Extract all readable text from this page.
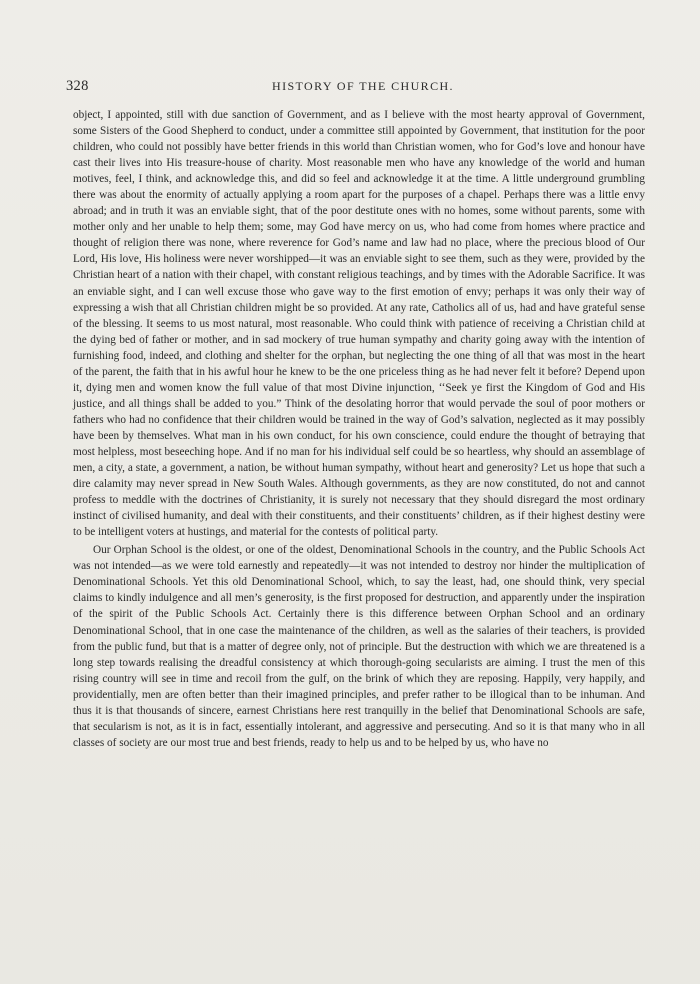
328	HISTORY OF THE CHURCH.

object, I appointed, still with due sanction of Government, and as I believe with the most hearty approval of Government, some Sisters of the Good Shepherd to conduct, under a committee still appointed by Government, that institution for the poor children, who could not possibly have better friends in this world than Christian women, who for God’s love and honour have cast their lives into His treasure-house of charity. Most reasonable men who have any knowledge of the world and human motives, feel, I think, and acknowledge this, and did so feel and acknowledge it at the time. A little underground grumbling there was about the enormity of actually applying a room apart for the purposes of a chapel. Perhaps there was a little envy abroad; and in truth it was an enviable sight, that of the poor destitute ones with no homes, some without parents, some with mother only and her unable to help them; some, may God have mercy on us, who had come from homes where practice and thought of religion there was none, where reverence for God’s name and law had no place, where the precious blood of Our Lord, His love, His holiness were never worshipped—it was an enviable sight to see them, such as they were, provided by the Christian heart of a nation with their chapel, with constant religious teachings, and by times with the Adorable Sacrifice. It was an enviable sight, and I can well excuse those who gave way to the first emotion of envy; perhaps it was only their way of expressing a wish that all Christian children might be so provided. At any rate, Catholics all of us, had and have grateful sense of the blessing. It seems to us most natural, most reasonable. Who could think with patience of receiving a Christian child at the dying bed of father or mother, and in sad mockery of true human sympathy and charity going away with the intention of furnishing food, indeed, and clothing and shelter for the orphan, but neglecting the one thing of all that was most in the heart of the parent, the faith that in his awful hour he knew to be the one priceless thing as he had never felt it before? Depend upon it, dying men and women know the full value of that most Divine injunction, ‘‘Seek ye first the Kingdom of God and His justice, and all things shall be added to you.” Think of the desolating horror that would pervade the soul of poor mothers or fathers who had no confidence that their children would be trained in the way of God’s salvation, neglected as it may possibly have been by themselves. What man in his own conduct, for his own conscience, could endure the thought of betraying that most helpless, most beseeching hope. And if no man for his individual self could be so heartless, why should an assemblage of men, a city, a state, a government, a nation, be without human sympathy, without heart and generosity? Let us hope that such a dire calamity may never spread in New South Wales. Although governments, as they are now constituted, do not and cannot profess to meddle with the doctrines of Christianity, it is surely not necessary that they should disregard the most ordinary instinct of civilised humanity, and deal with their constituents, and their constituents’ children, as if their highest destiny were to be intelligent voters at hustings, and material for the contests of political party.

Our Orphan School is the oldest, or one of the oldest, Denominational Schools in the country, and the Public Schools Act was not intended—as we were told earnestly and repeatedly—it was not intended to destroy nor hinder the multiplication of Denominational Schools. Yet this old Denominational School, which, to say the least, had, one should think, very special claims to kindly indulgence and all men’s generosity, is the first proposed for destruction, and apparently under the inspiration of the spirit of the Public Schools Act. Certainly there is this difference between Orphan School and an ordinary Denominational School, that in one case the maintenance of the children, as well as the salaries of their teachers, is provided from the public fund, but that is a matter of degree only, not of principle. But the destruction with which we are threatened is a long step towards realising the dreadful consistency at which thorough-going secularists are aiming. I trust the men of this rising country will see in time and recoil from the gulf, on the brink of which they are reposing. Happily, very happily, and providentially, men are often better than their imagined principles, and prefer rather to be illogical than to be inhuman. And thus it is that thousands of sincere, earnest Christians here rest tranquilly in the belief that Denominational Schools are safe, that secularism is not, as it is in fact, essentially intolerant, and aggressive and persecuting. And so it is that many who in all classes of society are our most true and best friends, ready to help us and to be helped by us, who have no
